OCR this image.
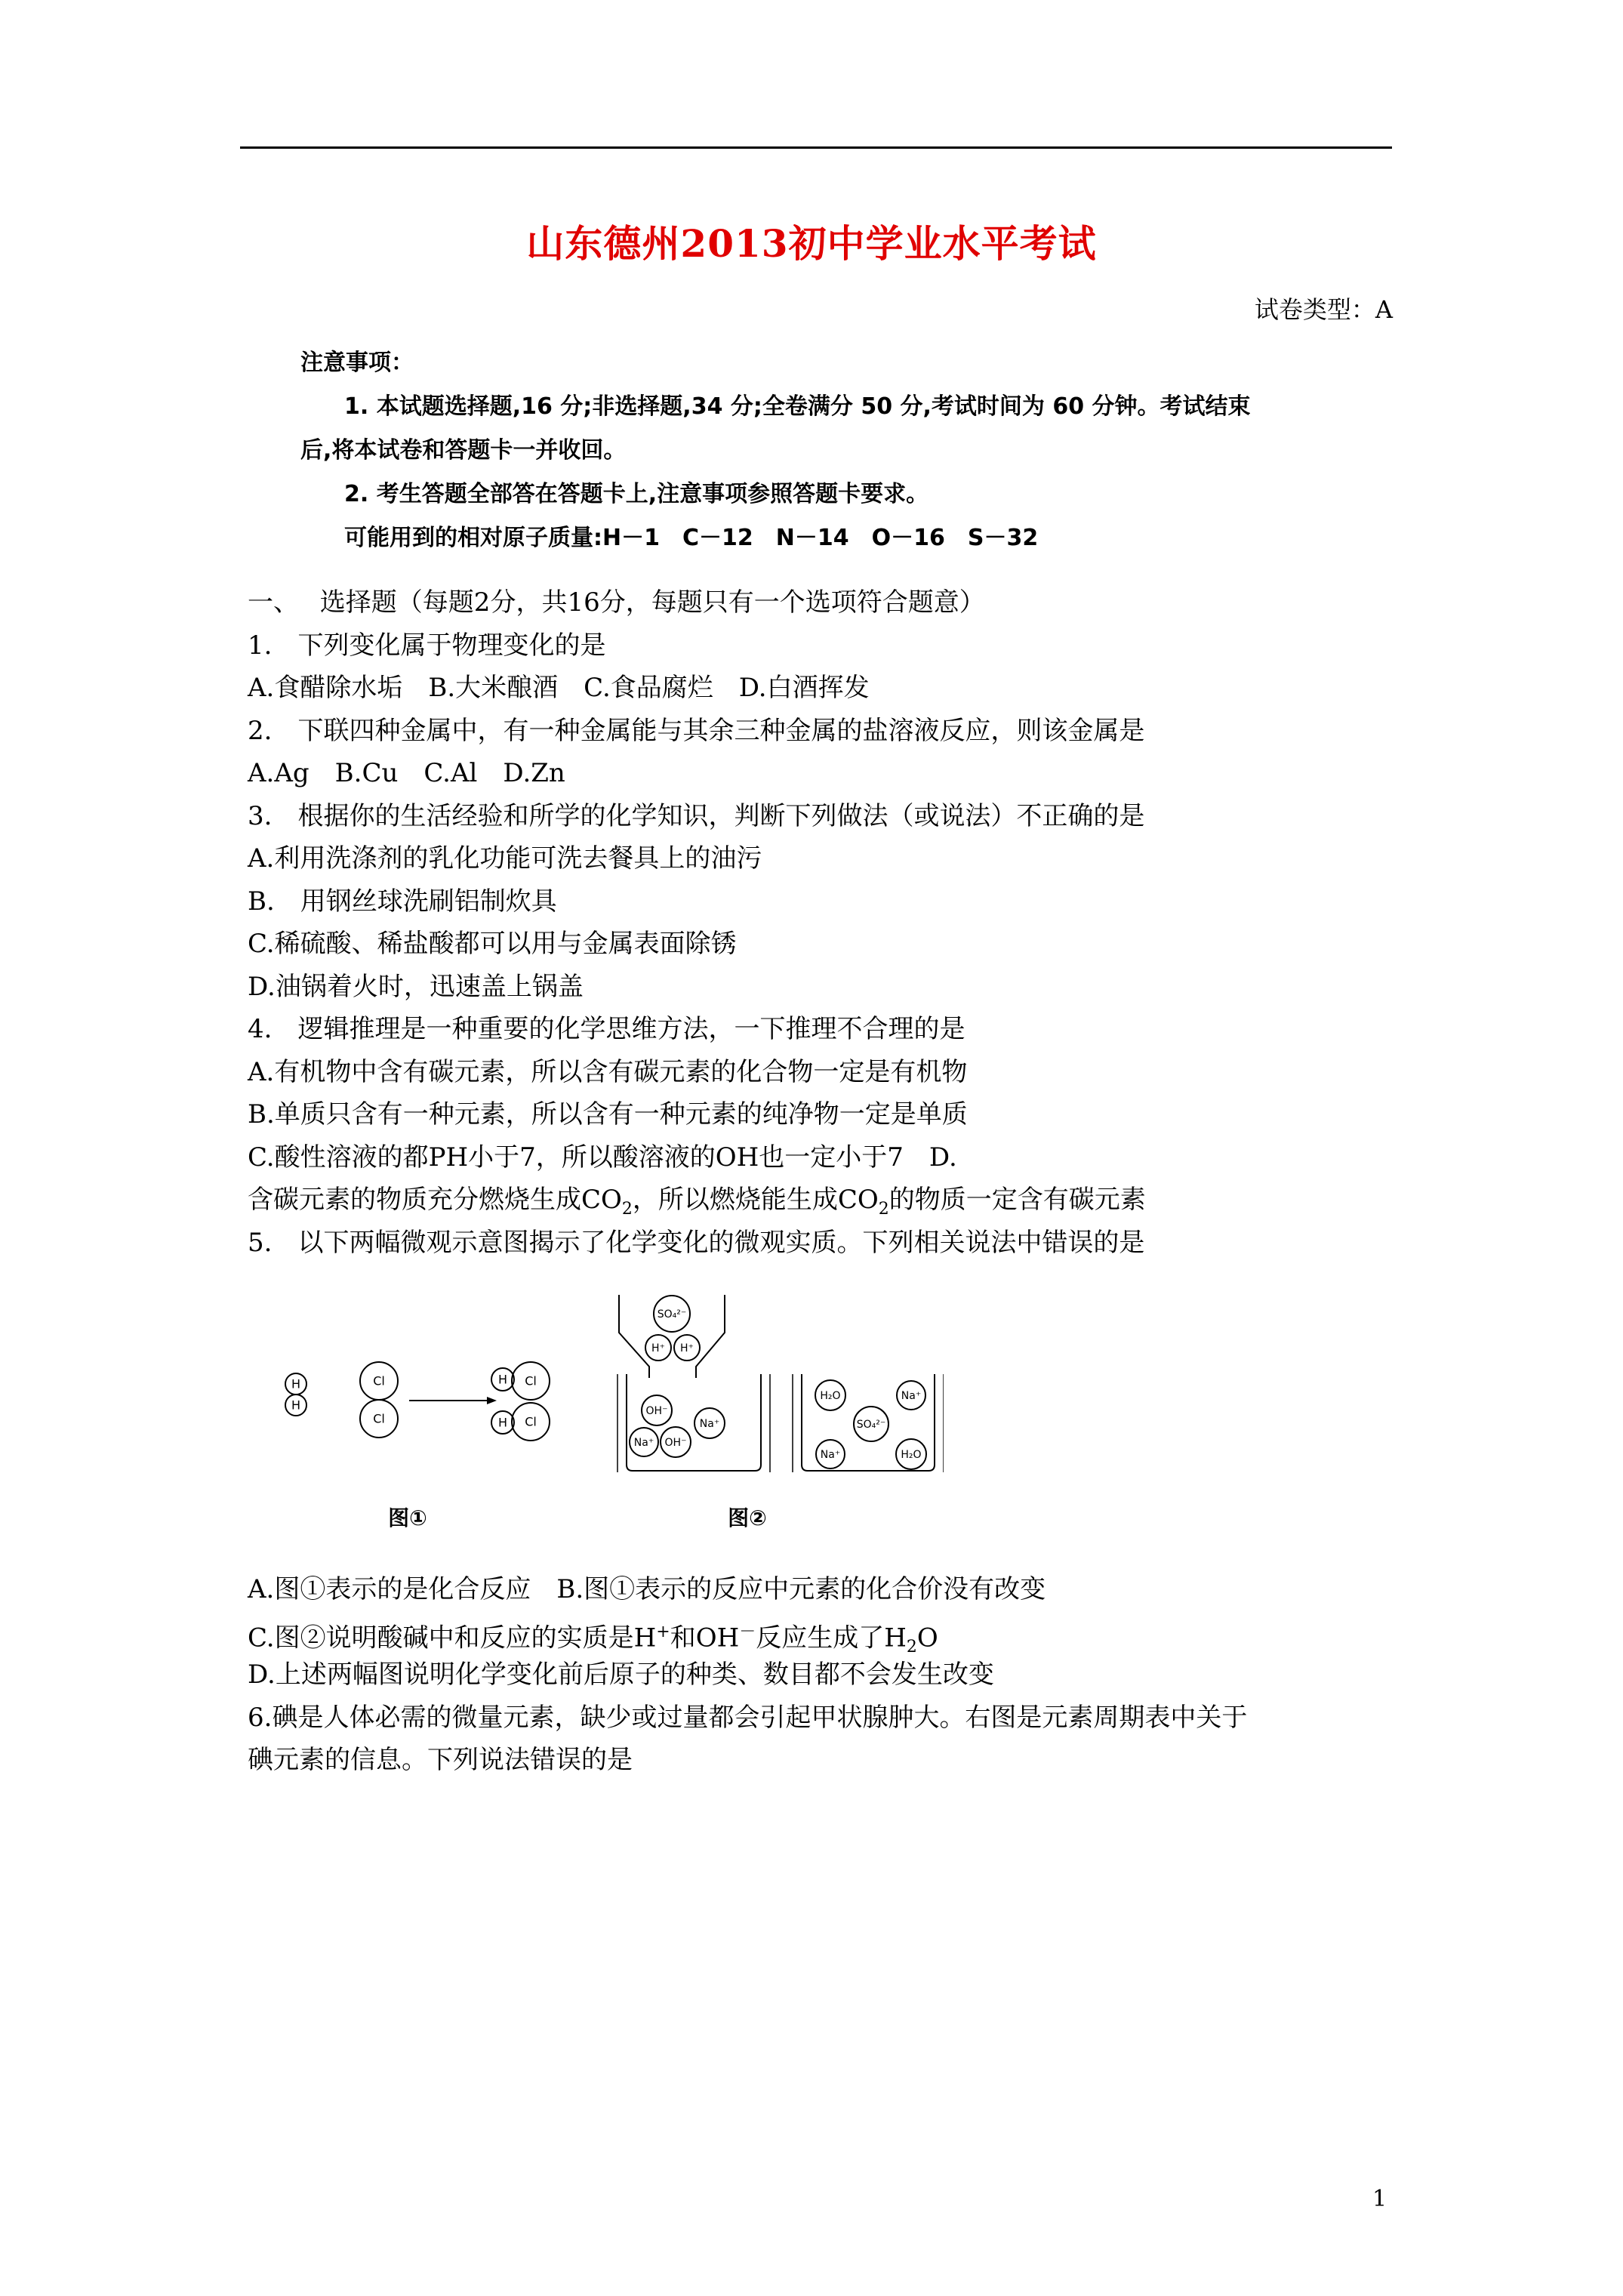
山东德州2013初中学业水平考试
试卷类型：A
注意事项：
1. 本试题选择题,16 分;非选择题,34 分;全卷满分 50 分,考试时间为 60 分钟。考试结束
后,将本试卷和答题卡一并收回。
2. 考生答题全部答在答题卡上,注意事项参照答题卡要求。
可能用到的相对原子质量:H－1　C－12　N－14　O－16　S－32
一、　 选择题（每题2分，共16分，每题只有一个选项符合题意）
1.　下列变化属于物理变化的是
A.食醋除水垢　B.大米酿酒　C.食品腐烂　D.白酒挥发
2.　下联四种金属中，有一种金属能与其余三种金属的盐溶液反应，则该金属是
A.Ag　B.Cu　C.Al　D.Zn
3.　根据你的生活经验和所学的化学知识，判断下列做法（或说法）不正确的是
A.利用洗涤剂的乳化功能可洗去餐具上的油污
B.　用钢丝球洗刷铝制炊具
C.稀硫酸、稀盐酸都可以用与金属表面除锈
D.油锅着火时，迅速盖上锅盖
4.　逻辑推理是一种重要的化学思维方法，一下推理不合理的是
A.有机物中含有碳元素，所以含有碳元素的化合物一定是有机物
B.单质只含有一种元素，所以含有一种元素的纯净物一定是单质
C.酸性溶液的都PH小于7，所以酸溶液的OH也一定小于7　D.
含碳元素的物质充分燃烧生成$CO_2$，所以燃烧能生成$CO_2$的物质一定含有碳元素
5.　以下两幅微观示意图揭示了化学变化的微观实质。下列相关说法中错误的是
H
H
Cl
Cl
H Cl
H Cl
SO₄²⁻
H⁺ H⁺
OH⁻
Na⁺
Na⁺ OH⁻
H₂O	Na⁺
SO₄²⁻
Na⁺	H₂O
图①	图②
A.图①表示的是化合反应　B.图①表示的反应中元素的化合价没有改变
C.图②说明酸碱中和反应的实质是H+和OH－反应生成了$H_2O$
D.上述两幅图说明化学变化前后原子的种类、数目都不会发生改变
6.碘是人体必需的微量元素，缺少或过量都会引起甲状腺肿大。右图是元素周期表中关于
碘元素的信息。下列说法错误的是
1
